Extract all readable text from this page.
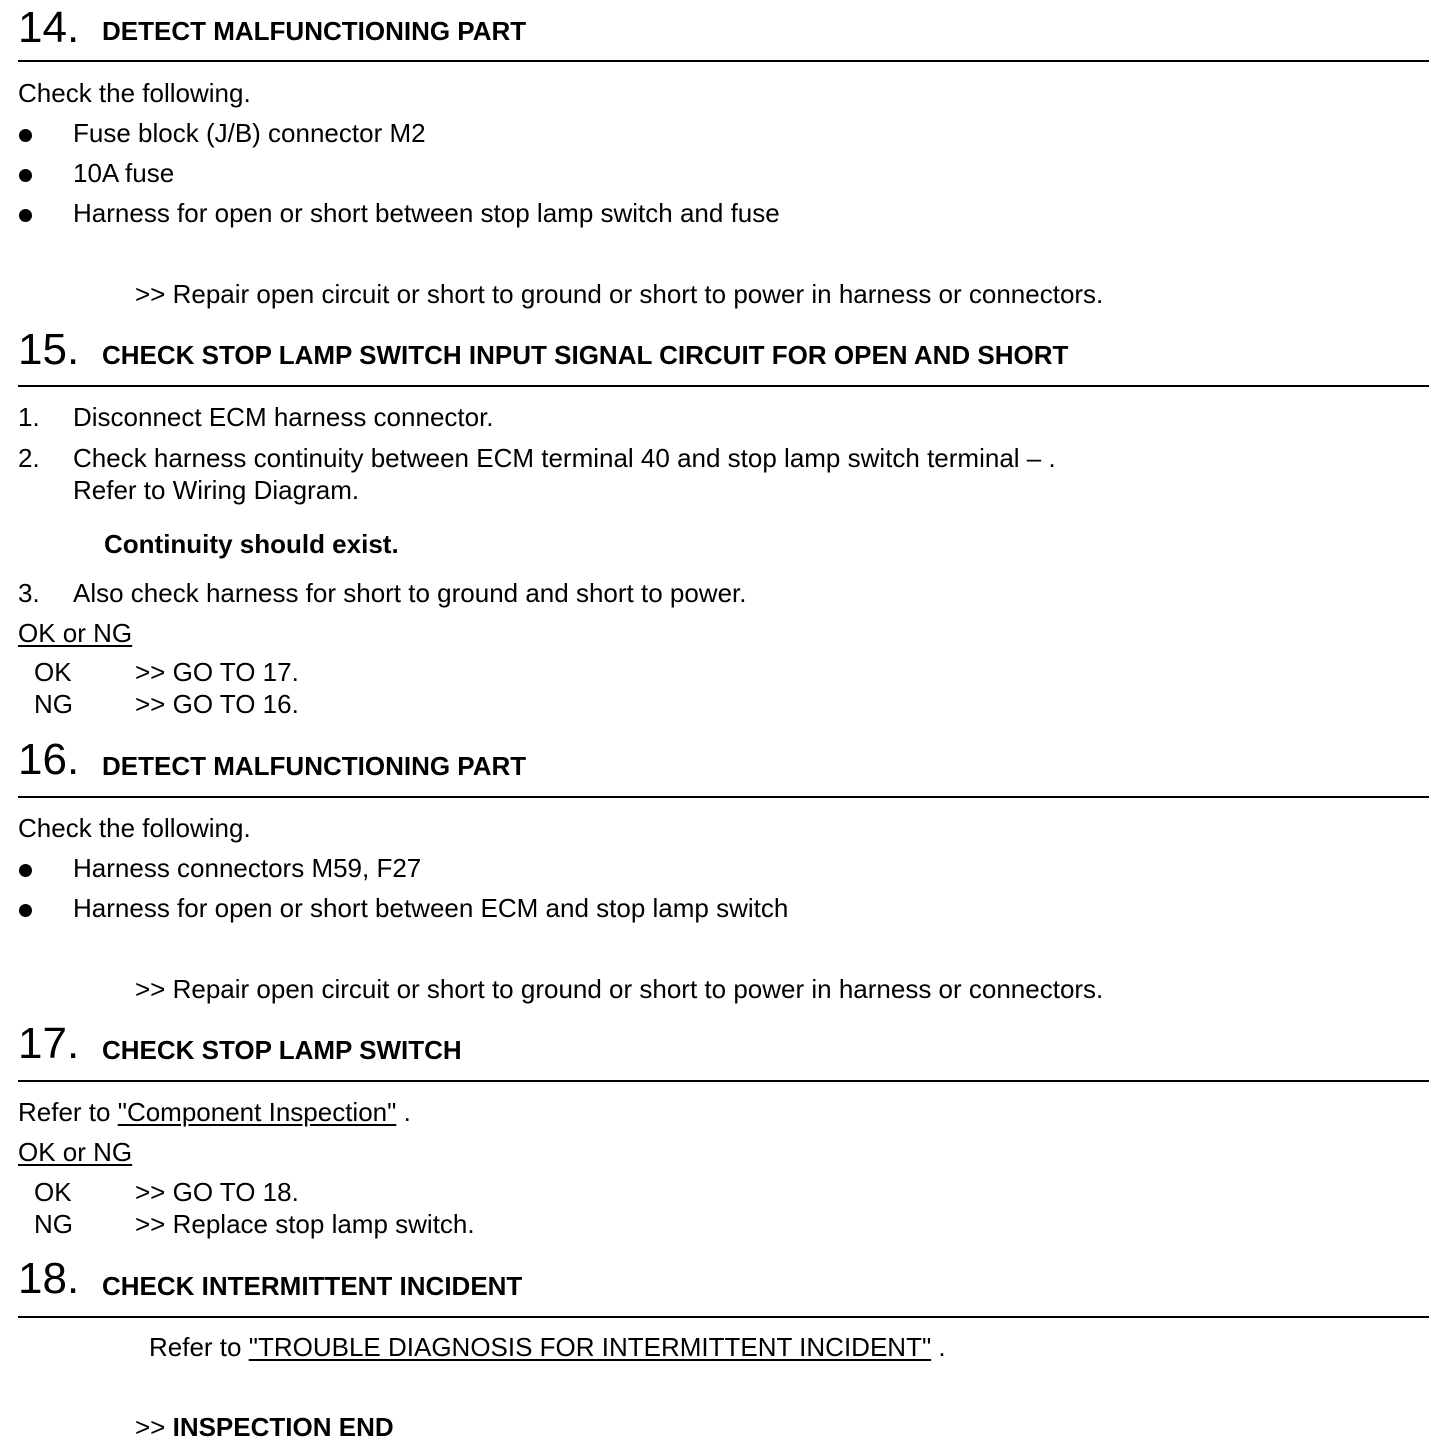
14. DETECT MALFUNCTIONING PART
Check the following.
Fuse block (J/B) connector M2
10A fuse
Harness for open or short between stop lamp switch and fuse
>> Repair open circuit or short to ground or short to power in harness or connectors.
15. CHECK STOP LAMP SWITCH INPUT SIGNAL CIRCUIT FOR OPEN AND SHORT
1. Disconnect ECM harness connector.
2. Check harness continuity between ECM terminal 40 and stop lamp switch terminal – .
Refer to Wiring Diagram.
Continuity should exist.
3. Also check harness for short to ground and short to power.
OK or NG
OK >> GO TO 17.
NG >> GO TO 16.
16. DETECT MALFUNCTIONING PART
Check the following.
Harness connectors M59, F27
Harness for open or short between ECM and stop lamp switch
>> Repair open circuit or short to ground or short to power in harness or connectors.
17. CHECK STOP LAMP SWITCH
Refer to "Component Inspection" .
OK or NG
OK >> GO TO 18.
NG >> Replace stop lamp switch.
18. CHECK INTERMITTENT INCIDENT
Refer to "TROUBLE DIAGNOSIS FOR INTERMITTENT INCIDENT" .
>> INSPECTION END
